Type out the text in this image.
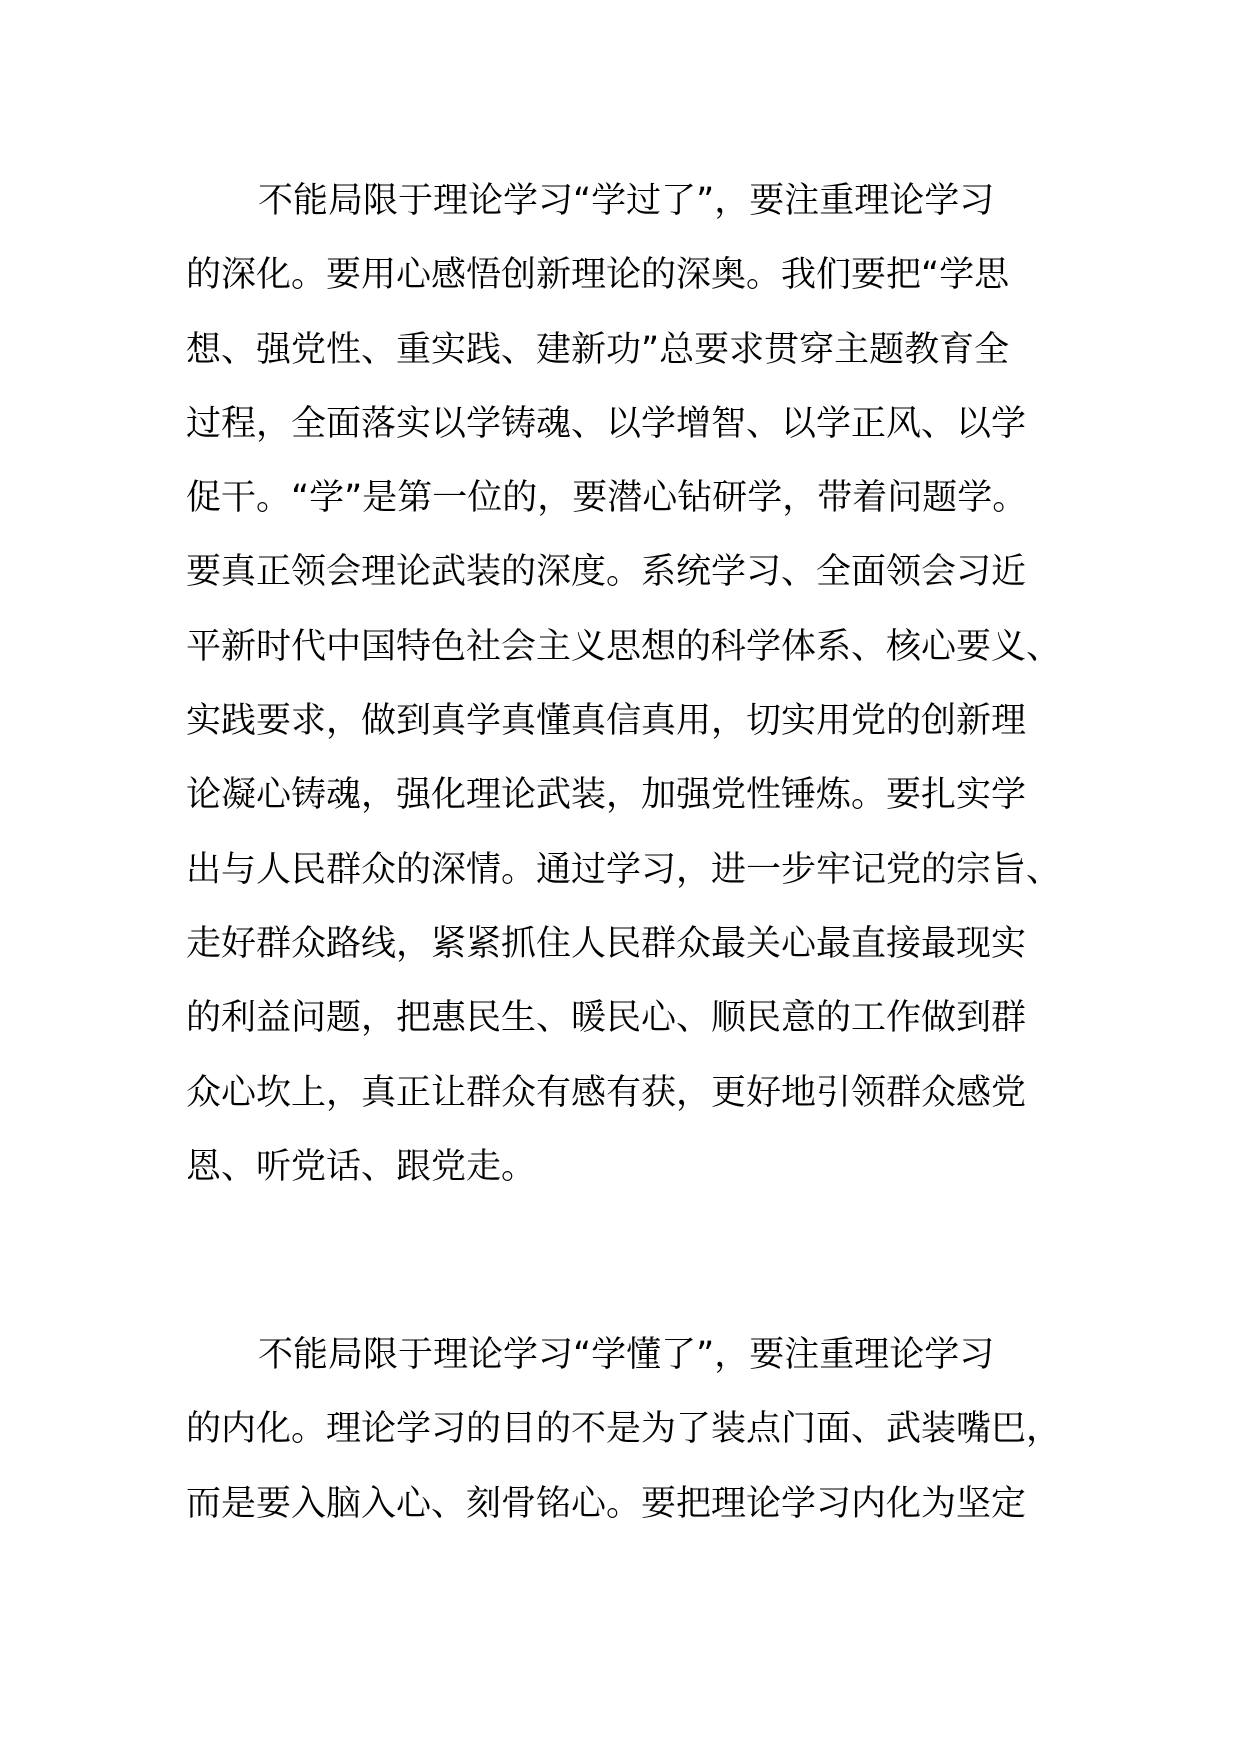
不能局限于理论学习“学过了”，要注重理论学习
的深化。要用心感悟创新理论的深奥。我们要把“学思
想、强党性、重实践、建新功”总要求贯穿主题教育全
过程，全面落实以学铸魂、以学增智、以学正风、以学
促干。“学”是第一位的，要潜心钻研学，带着问题学。
要真正领会理论武装的深度。系统学习、全面领会习近
平新时代中国特色社会主义思想的科学体系、核心要义、
实践要求，做到真学真懂真信真用，切实用党的创新理
论凝心铸魂，强化理论武装，加强党性锤炼。要扎实学
出与人民群众的深情。通过学习，进一步牢记党的宗旨、
走好群众路线，紧紧抓住人民群众最关心最直接最现实
的利益问题，把惠民生、暖民心、顺民意的工作做到群
众心坎上，真正让群众有感有获，更好地引领群众感党
恩、听党话、跟党走。
不能局限于理论学习“学懂了”，要注重理论学习
的内化。理论学习的目的不是为了装点门面、武装嘴巴，
而是要入脑入心、刻骨铭心。要把理论学习内化为坚定
